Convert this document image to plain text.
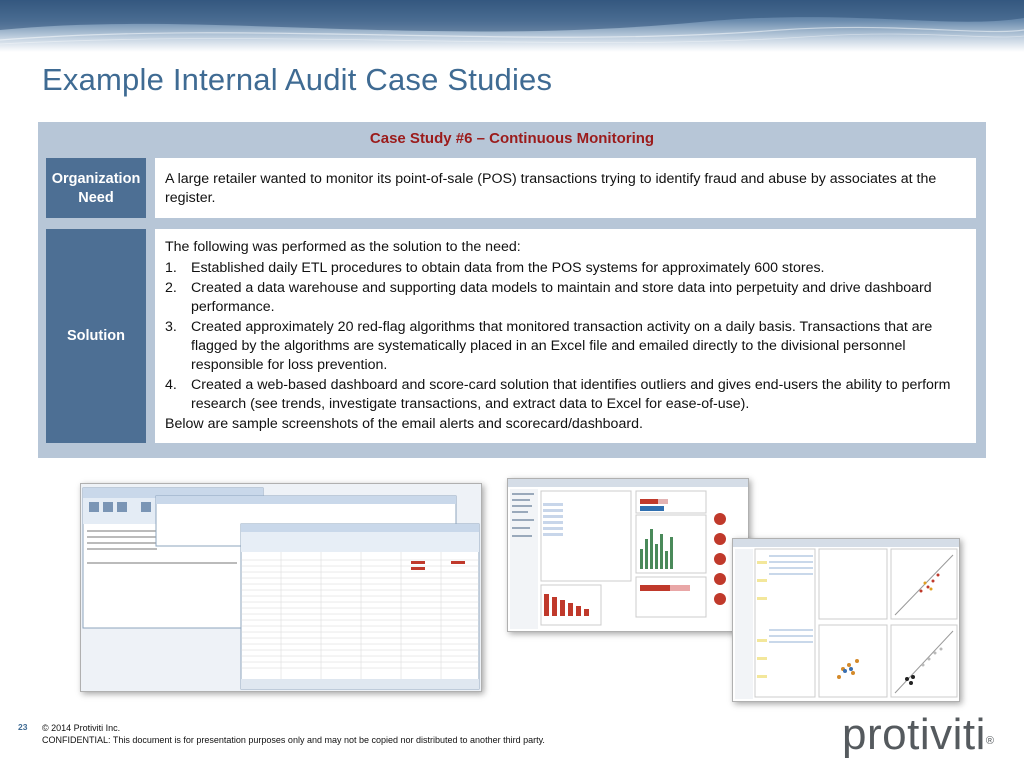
Example Internal Audit Case Studies
Case Study #6 – Continuous Monitoring
Organization Need
A large retailer wanted to monitor its point-of-sale (POS) transactions trying to identify fraud and abuse by associates at the register.
Solution
The following was performed as the solution to the need:
1. Established daily ETL procedures to obtain data from the POS systems for approximately 600 stores.
2. Created a data warehouse and supporting data models to maintain and store data into perpetuity and drive dashboard performance.
3. Created approximately 20 red-flag algorithms that monitored transaction activity on a daily basis. Transactions that are flagged by the algorithms are systematically placed in an Excel file and emailed directly to the divisional personnel responsible for loss prevention.
4. Created a web-based dashboard and score-card solution that identifies outliers and gives end-users the ability to perform research (see trends, investigate transactions, and extract data to Excel for ease-of-use).
Below are sample screenshots of the email alerts and scorecard/dashboard.
23 © 2014 Protiviti Inc.
CONFIDENTIAL: This document is for presentation purposes only and may not be copied nor distributed to another third party.	protiviti®
